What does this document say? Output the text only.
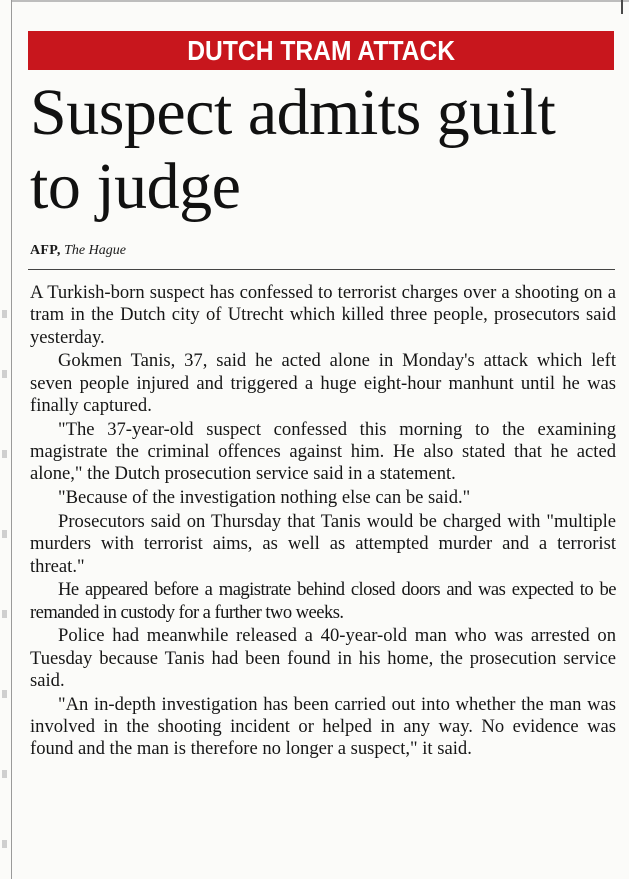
DUTCH TRAM ATTACK
Suspect admits guilt to judge
AFP, The Hague

A Turkish-born suspect has confessed to terrorist charges over a shooting on a tram in the Dutch city of Utrecht which killed three people, prosecutors said yesterday.

Gokmen Tanis, 37, said he acted alone in Monday's attack which left seven people injured and triggered a huge eight-hour manhunt until he was finally captured.

"The 37-year-old suspect confessed this morning to the examining magistrate the criminal offences against him. He also stated that he acted alone," the Dutch prosecution service said in a statement.

"Because of the investigation nothing else can be said."

Prosecutors said on Thursday that Tanis would be charged with "multiple murders with terrorist aims, as well as attempted murder and a terrorist threat."

He appeared before a magistrate behind closed doors and was expected to be remanded in custody for a further two weeks.

Police had meanwhile released a 40-year-old man who was arrested on Tuesday because Tanis had been found in his home, the prosecution service said.

"An in-depth investigation has been carried out into whether the man was involved in the shooting incident or helped in any way. No evidence was found and the man is therefore no longer a suspect," it said.
